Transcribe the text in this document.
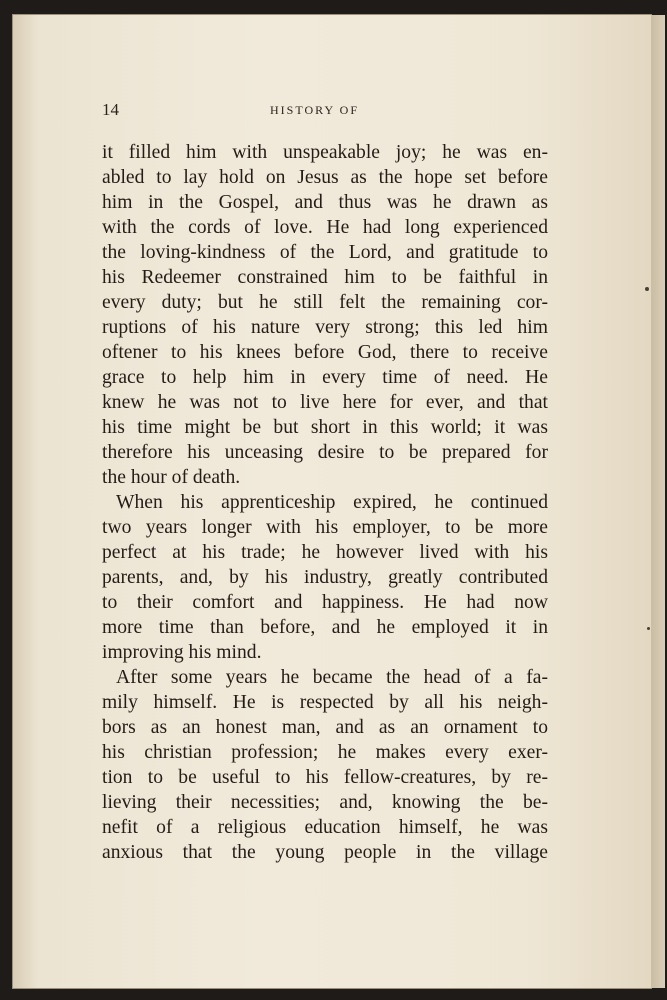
14	HISTORY OF
it filled him with unspeakable joy; he was en-
abled to lay hold on Jesus as the hope set before
him in the Gospel, and thus was he drawn as
with the cords of love. He had long experienced
the loving-kindness of the Lord, and gratitude to
his Redeemer constrained him to be faithful in
every duty; but he still felt the remaining cor-
ruptions of his nature very strong; this led him
oftener to his knees before God, there to receive
grace to help him in every time of need. He
knew he was not to live here for ever, and that
his time might be but short in this world; it was
therefore his unceasing desire to be prepared for
the hour of death.
When his apprenticeship expired, he continued
two years longer with his employer, to be more
perfect at his trade; he however lived with his
parents, and, by his industry, greatly contributed
to their comfort and happiness. He had now
more time than before, and he employed it in
improving his mind.
After some years he became the head of a fa-
mily himself. He is respected by all his neigh-
bors as an honest man, and as an ornament to
his christian profession; he makes every exer-
tion to be useful to his fellow-creatures, by re-
lieving their necessities; and, knowing the be-
nefit of a religious education himself, he was
anxious that the young people in the village
